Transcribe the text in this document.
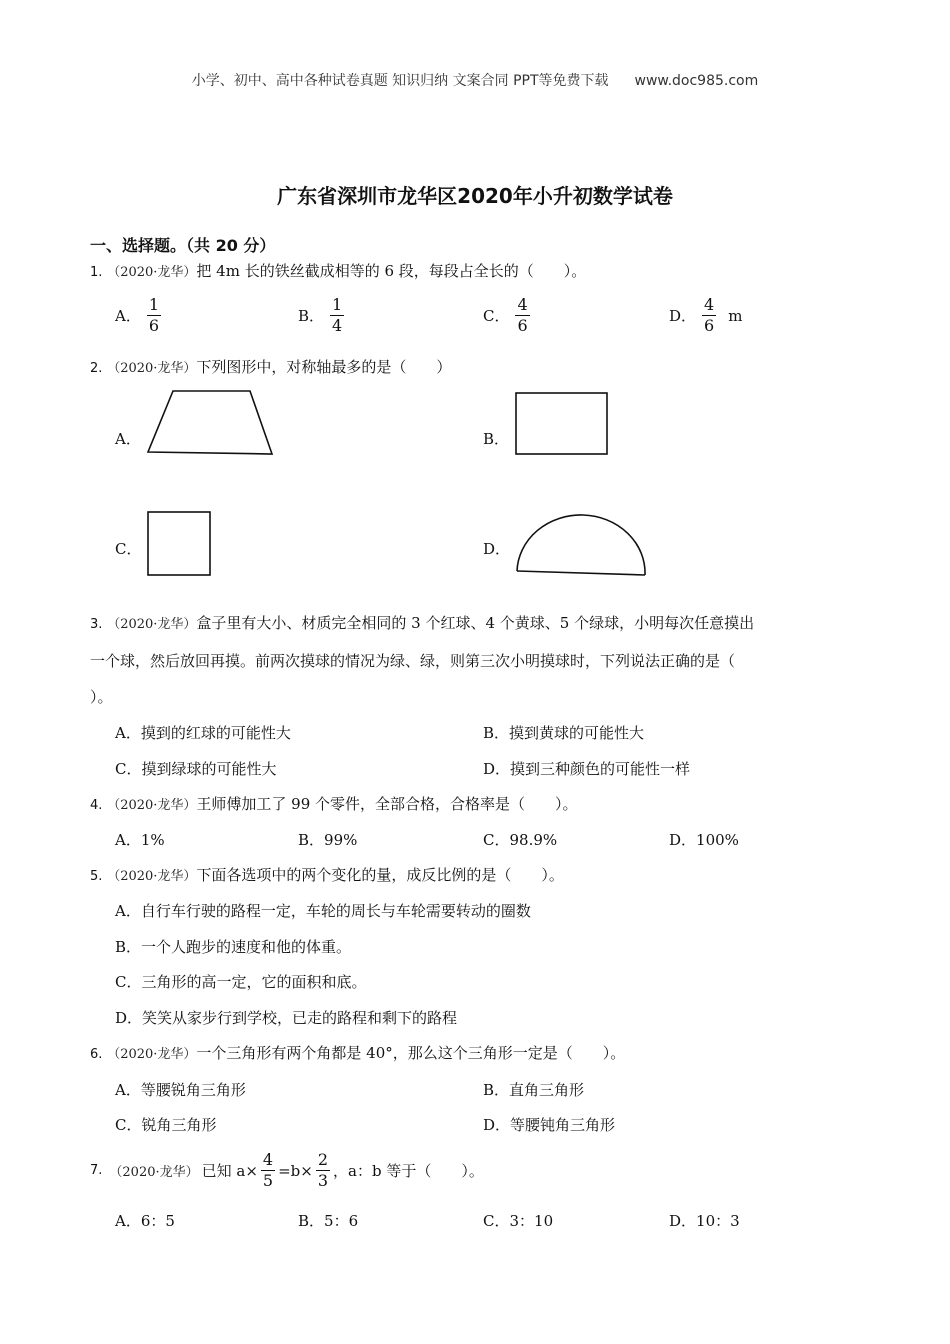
小学、初中、高中各种试卷真题 知识归纳 文案合同 PPT等免费下载 www.doc985.com
广东省深圳市龙华区2020年小升初数学试卷
一、选择题。（共 20 分）
1. （2020·龙华）把 4m 长的铁丝截成相等的 6 段，每段占全长的（　　）。
A． $\frac{1}{6}$	B． $\frac{1}{4}$	C． $\frac{4}{6}$	D． $\frac{4}{6}$ m
2. （2020·龙华）下列图形中，对称轴最多的是（　　）
A．	B．
C．	D．
3. （2020·龙华）盒子里有大小、材质完全相同的 3 个红球、4 个黄球、5 个绿球，小明每次任意摸出
一个球，然后放回再摸。前两次摸球的情况为绿、绿，则第三次小明摸球时，下列说法正确的是（
）。
A．摸到的红球的可能性大	B．摸到黄球的可能性大
C．摸到绿球的可能性大	D．摸到三种颜色的可能性一样
4. （2020·龙华）王师傅加工了 99 个零件，全部合格，合格率是（　　）。
A．1%	B．99%	C．98.9%	D．100%
5. （2020·龙华）下面各选项中的两个变化的量，成反比例的是（　　）。
A．自行车行驶的路程一定，车轮的周长与车轮需要转动的圈数
B．一个人跑步的速度和他的体重。
C．三角形的高一定，它的面积和底。
D．笑笑从家步行到学校，已走的路程和剩下的路程
6. （2020·龙华）一个三角形有两个角都是 40°，那么这个三角形一定是（　　）。
A．等腰锐角三角形	B．直角三角形
C．锐角三角形	D．等腰钝角三角形
7. （2020·龙华） 已知 $a\times \frac{4}{5} =b\times \frac{2}{3}$ ，a：b 等于（　　）。
A．6：5	B．5：6	C．3：10	D．10：3
